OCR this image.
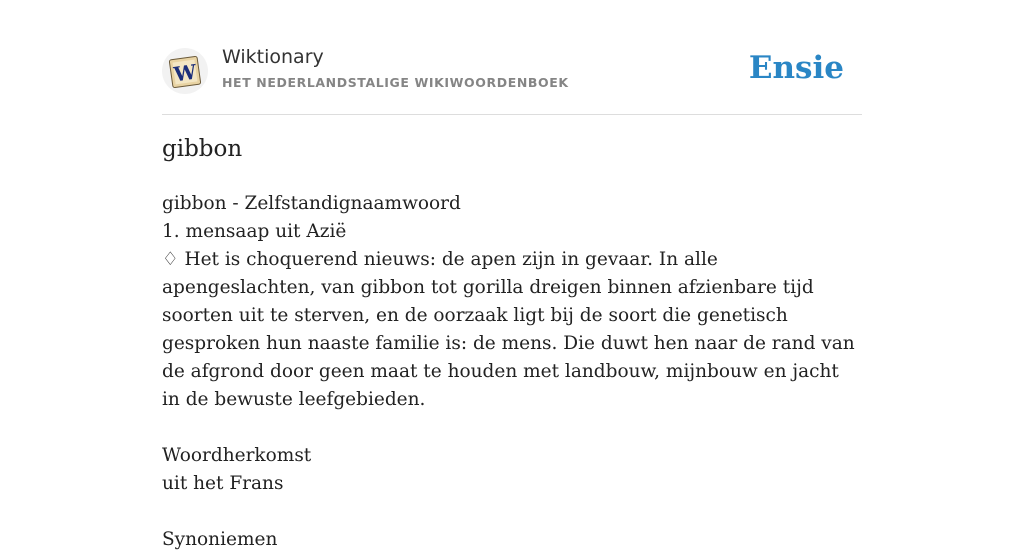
W
Wiktionary
HET NEDERLANDSTALIGE WIKIWOORDENBOEK	Ensie
gibbon
gibbon - Zelfstandignaamwoord
1. mensaap uit Azië
♢ Het is choquerend nieuws: de apen zijn in gevaar. In alle apengeslachten, van gibbon tot gorilla dreigen binnen afzienbare tijd soorten uit te sterven, en de oorzaak ligt bij de soort die genetisch gesproken hun naaste familie is: de mens. Die duwt hen naar de rand van de afgrond door geen maat te houden met landbouw, mijnbouw en jacht in de bewuste leefgebieden.
Woordherkomst
uit het Frans
Synoniemen
